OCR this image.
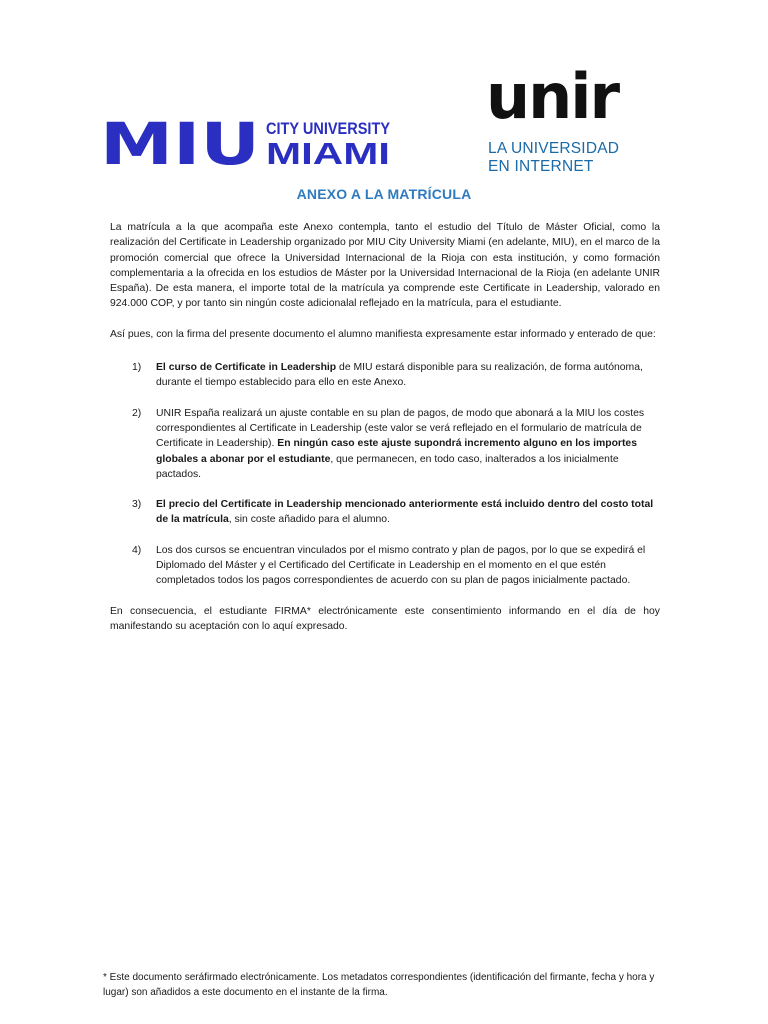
MIU CITY UNIVERSITY
MIAMI
unir
LA UNIVERSIDAD
EN INTERNET
ANEXO A LA MATRÍCULA

La matrícula a la que acompaña este Anexo contempla, tanto el estudio del Título de Máster Oficial, como la realización del Certificate in Leadership organizado por MIU City University Miami (en adelante, MIU), en el marco de la promoción comercial que ofrece la Universidad Internacional de la Rioja con esta institución, y como formación complementaria a la ofrecida en los estudios de Máster por la Universidad Internacional de la Rioja (en adelante UNIR España). De esta manera, el importe total de la matrícula ya comprende este Certificate in Leadership, valorado en 924.000 COP, y por tanto sin ningún coste adicionalal reflejado en la matrícula, para el estudiante.

Así pues, con la firma del presente documento el alumno manifiesta expresamente estar informado y enterado de que:

1) El curso de Certificate in Leadership de MIU estará disponible para su realización, de forma autónoma, durante el tiempo establecido para ello en este Anexo.
2) UNIR España realizará un ajuste contable en su plan de pagos, de modo que abonará a la MIU los costes correspondientes al Certificate in Leadership (este valor se verá reflejado en el formulario de matrícula de Certificate in Leadership). En ningún caso este ajuste supondrá incremento alguno en los importes globales a abonar por el estudiante, que permanecen, en todo caso, inalterados a los inicialmente pactados.
3) El precio del Certificate in Leadership mencionado anteriormente está incluido dentro del costo total de la matrícula, sin coste añadido para el alumno.
4) Los dos cursos se encuentran vinculados por el mismo contrato y plan de pagos, por lo que se expedirá el Diplomado del Máster y el Certificado del Certificate in Leadership en el momento en el que estén completados todos los pagos correspondientes de acuerdo con su plan de pagos inicialmente pactado.

En consecuencia, el estudiante FIRMA* electrónicamente este consentimiento informando en el día de hoy manifestando su aceptación con lo aquí expresado.

* Este documento seráfirmado electrónicamente. Los metadatos correspondientes (identificación del firmante, fecha y hora y lugar) son añadidos a este documento en el instante de la firma.
